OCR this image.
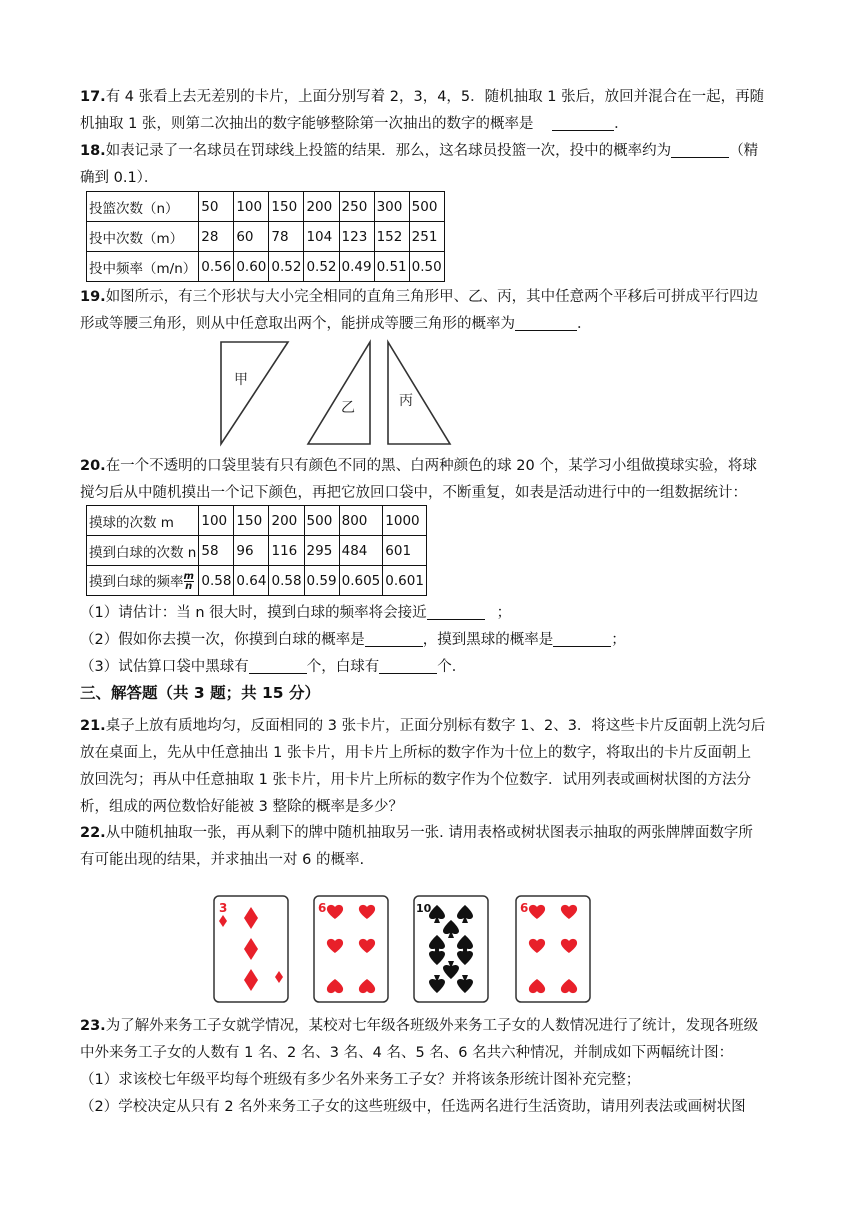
17.有 4 张看上去无差别的卡片，上面分别写着 2，3，4，5．随机抽取 1 张后，放回并混合在一起，再随
机抽取 1 张，则第二次抽出的数字能够整除第一次抽出的数字的概率是	．
18.如表记录了一名球员在罚球线上投篮的结果．那么，这名球员投篮一次，投中的概率约为	（精
确到 0.1）．
投篮次数（n）	50	100	150	200	250	300	500
投中次数（m）	28	60	78	104	123	152	251
投中频率（m/n）	0.56	0.60	0.52	0.52	0.49	0.51	0.50
19.如图所示，有三个形状与大小完全相同的直角三角形甲、乙、丙，其中任意两个平移后可拼成平行四边
形或等腰三角形，则从中任意取出两个，能拼成等腰三角形的概率为	．
甲
乙	丙
20.在一个不透明的口袋里装有只有颜色不同的黑、白两种颜色的球 20 个，某学习小组做摸球实验，将球
搅匀后从中随机摸出一个记下颜色，再把它放回口袋中，不断重复，如表是活动进行中的一组数据统计：
摸球的次数 m	100	150	200	500	800	1000
摸到白球的次数 n	58	96	116	295	484	601
摸到白球的频率 $\frac{m}{n}$	0.58	0.64	0.58	0.59	0.605	0.601
（1）请估计：当 n 很大时，摸到白球的频率将会接近	；
（2）假如你去摸一次，你摸到白球的概率是	，摸到黑球的概率是	；
（3）试估算口袋中黑球有	个，白球有	个．
三、解答题（共 3 题；共 15 分）
21.桌子上放有质地均匀，反面相同的 3 张卡片，正面分别标有数字 1、2、3．将这些卡片反面朝上洗匀后
放在桌面上，先从中任意抽出 1 张卡片，用卡片上所标的数字作为十位上的数字，将取出的卡片反面朝上
放回洗匀；再从中任意抽取 1 张卡片，用卡片上所标的数字作为个位数字．试用列表或画树状图的方法分
析，组成的两位数恰好能被 3 整除的概率是多少？
22.从中随机抽取一张，再从剩下的牌中随机抽取另一张. 请用表格或树状图表示抽取的两张牌牌面数字所
有可能出现的结果，并求抽出一对 6 的概率.
3	6	10	6
23.为了解外来务工子女就学情况，某校对七年级各班级外来务工子女的人数情况进行了统计，发现各班级
中外来务工子女的人数有 1 名、2 名、3 名、4 名、5 名、6 名共六种情况，并制成如下两幅统计图：
（1）求该校七年级平均每个班级有多少名外来务工子女？并将该条形统计图补充完整；
（2）学校决定从只有 2 名外来务工子女的这些班级中，任选两名进行生活资助，请用列表法或画树状图
